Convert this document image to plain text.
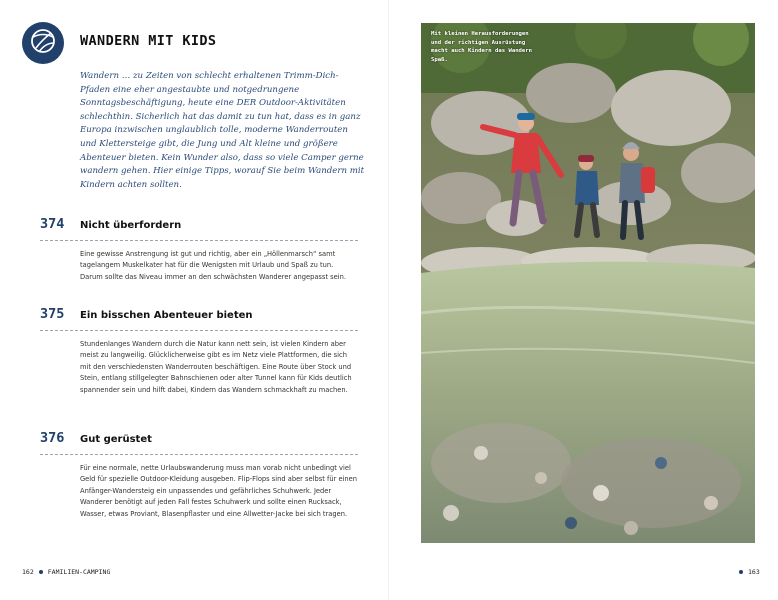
WANDERN MIT KIDS

Wandern … zu Zeiten von schlecht erhaltenen Trimm-Dich-Pfaden eine eher angestaubte und notgedrungene Sonntagsbeschäftigung, heute eine DER Outdoor-Aktivitäten schlechthin. Sicherlich hat das damit zu tun hat, dass es in ganz Europa inzwischen unglaublich tolle, moderne Wanderrouten und Klettersteige gibt, die Jung und Alt kleine und größere Abenteuer bieten. Kein Wunder also, dass so viele Camper gerne wandern gehen. Hier einige Tipps, worauf Sie beim Wandern mit Kindern achten sollten.

374	Nicht überfordern

Eine gewisse Anstrengung ist gut und richtig, aber ein „Höllenmarsch“ samt tagelangem Muskelkater hat für die Wenigsten mit Urlaub und Spaß zu tun. Darum sollte das Niveau immer an den schwächsten Wanderer angepasst sein.

375	Ein bisschen Abenteuer bieten

Stundenlanges Wandern durch die Natur kann nett sein, ist vielen Kindern aber meist zu langweilig. Glücklicherweise gibt es im Netz viele Plattformen, die sich mit den verschiedensten Wanderrouten beschäftigen. Eine Route über Stock und Stein, entlang stillgelegter Bahnschienen oder alter Tunnel kann für Kids deutlich spannender sein und hilft dabei, Kindern das Wandern schmackhaft zu machen.

376	Gut gerüstet

Für eine normale, nette Urlaubswanderung muss man vorab nicht unbedingt viel Geld für spezielle Outdoor-Kleidung ausgeben. Flip-Flops sind aber selbst für einen Anfänger-Wandersteig ein unpassendes und gefährliches Schuhwerk. Jeder Wanderer benötigt auf jeden Fall festes Schuhwerk und sollte einen Rucksack, Wasser, etwas Proviant, Blasenpflaster und eine Allwetter-Jacke bei sich tragen.

162 FAMILIEN-CAMPING

Mit kleinen Herausforderungen und der richtigen Ausrüstung macht auch Kindern das Wandern Spaß.

163
